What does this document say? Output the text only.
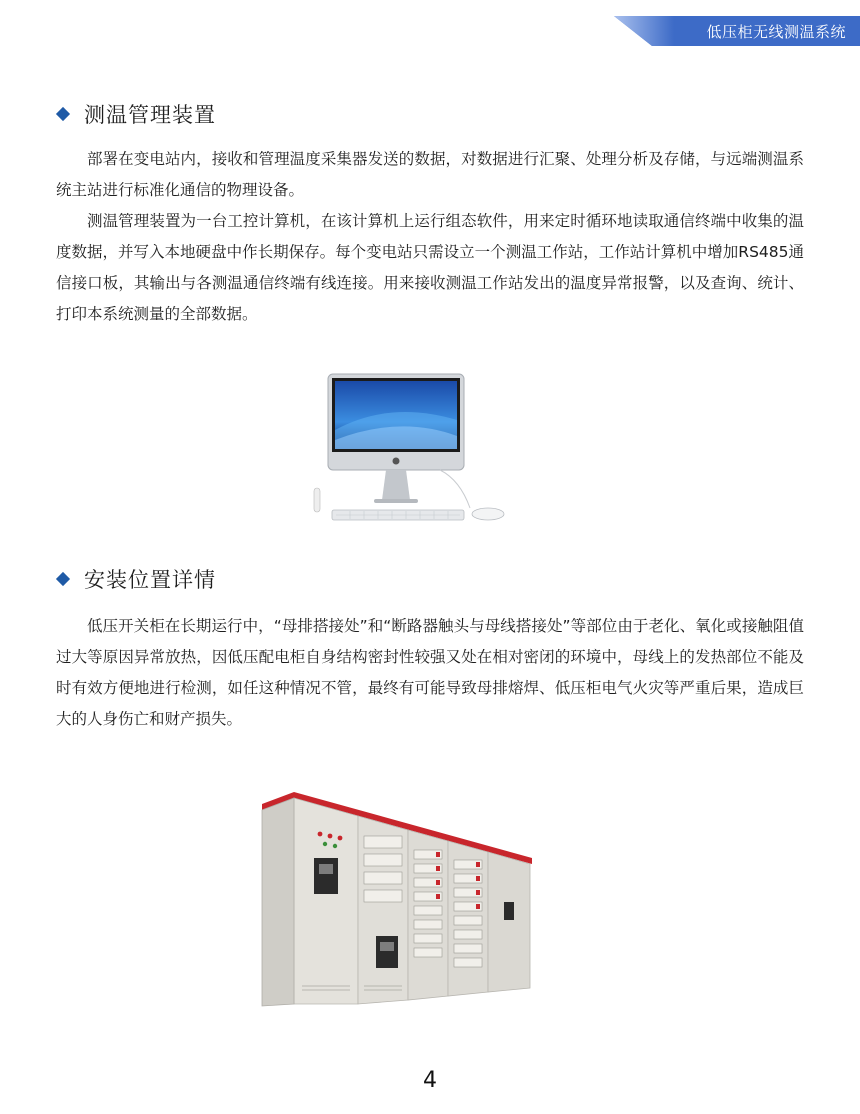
低压柜无线测温系统
测温管理装置

部署在变电站内，接收和管理温度采集器发送的数据，对数据进行汇聚、处理分析及存储，与远端测温系统主站进行标准化通信的物理设备。

测温管理装置为一台工控计算机，在该计算机上运行组态软件，用来定时循环地读取通信终端中收集的温度数据，并写入本地硬盘中作长期保存。每个变电站只需设立一个测温工作站，工作站计算机中增加RS485通信接口板，其输出与各测温通信终端有线连接。用来接收测温工作站发出的温度异常报警，以及查询、统计、打印本系统测量的全部数据。

安装位置详情

低压开关柜在长期运行中，“母排搭接处”和“断路器触头与母线搭接处”等部位由于老化、氧化或接触阻值过大等原因异常放热，因低压配电柜自身结构密封性较强又处在相对密闭的环境中，母线上的发热部位不能及时有效方便地进行检测，如任这种情况不管，最终有可能导致母排熔焊、低压柜电气火灾等严重后果，造成巨大的人身伤亡和财产损失。

4
